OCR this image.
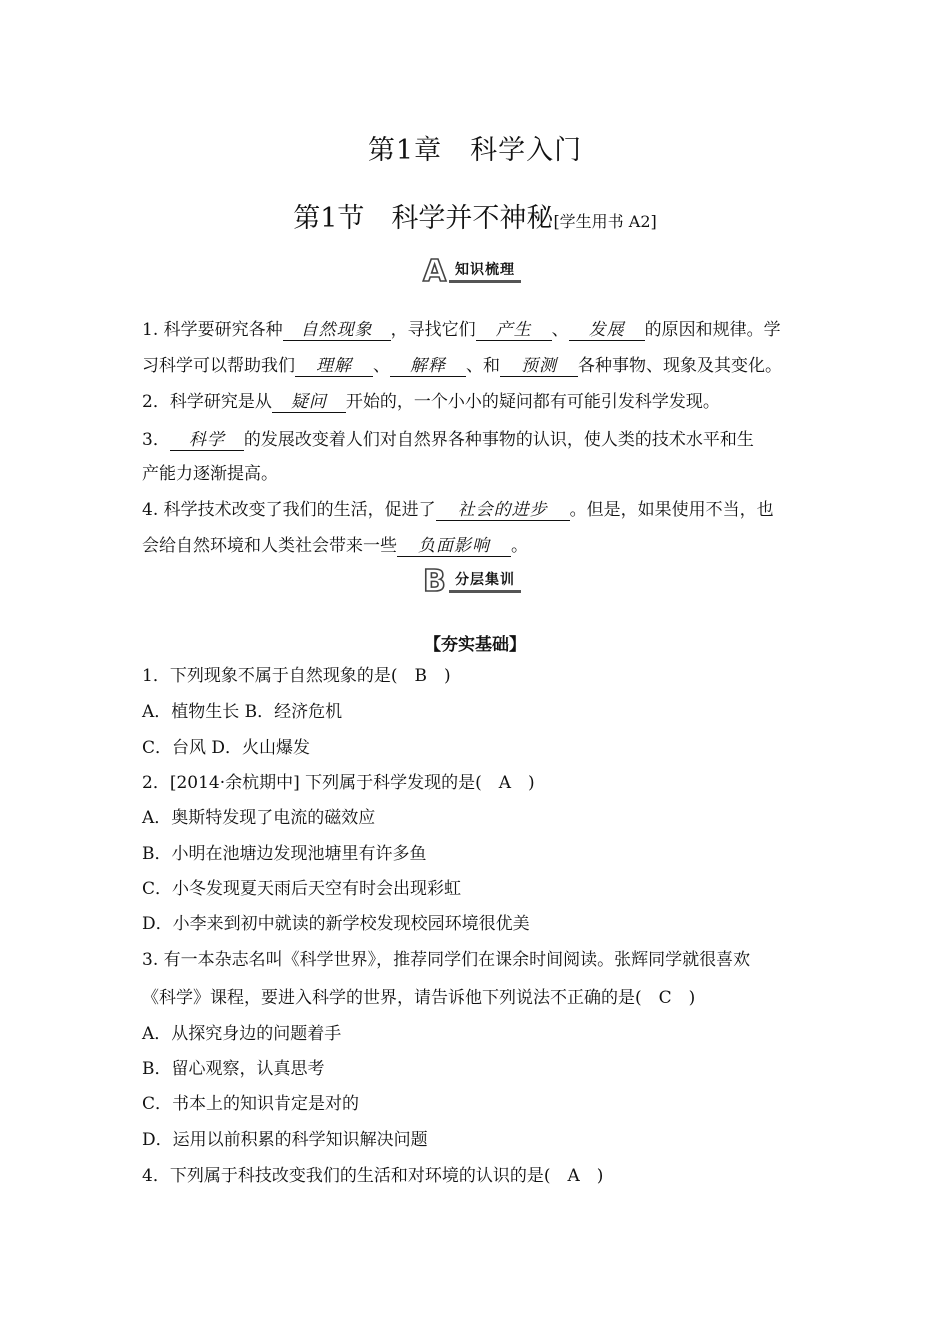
第1章　科学入门
第1节　科学并不神秘[学生用书 A2]
A 知识梳理
1. 科学要研究各种 自然现象 ，寻找它们 产生 、 发展 的原因和规律。学
习科学可以帮助我们 理解 、 解释 、和 预测 各种事物、现象及其变化。
2．科学研究是从 疑问 开始的，一个小小的疑问都有可能引发科学发现。
3． 科学 的发展改变着人们对自然界各种事物的认识，使人类的技术水平和生
产能力逐渐提高。
4. 科学技术改变了我们的生活，促进了 社会的进步 。但是，如果使用不当，也
会给自然环境和人类社会带来一些 负面影响 。
B 分层集训
【夯实基础】
1．下列现象不属于自然现象的是(　B　)
A．植物生长 B．经济危机
C．台风 D．火山爆发
2．[2014·余杭期中] 下列属于科学发现的是(　A　)
A．奥斯特发现了电流的磁效应
B．小明在池塘边发现池塘里有许多鱼
C．小冬发现夏天雨后天空有时会出现彩虹
D．小李来到初中就读的新学校发现校园环境很优美
3. 有一本杂志名叫《科学世界》，推荐同学们在课余时间阅读。张辉同学就很喜欢
《科学》课程，要进入科学的世界，请告诉他下列说法不正确的是(　C　)
A．从探究身边的问题着手
B．留心观察，认真思考
C．书本上的知识肯定是对的
D．运用以前积累的科学知识解决问题
4．下列属于科技改变我们的生活和对环境的认识的是(　A　)
